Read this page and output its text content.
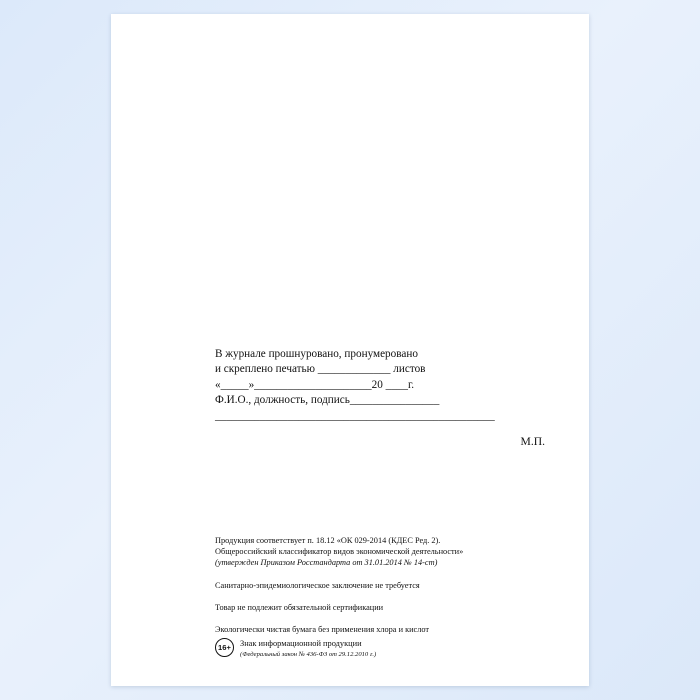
В журнале прошнуровано, пронумеровано
и скреплено печатью _____________ листов
«_____»_____________________20 ____г.
Ф.И.О., должность, подпись________________
__________________________________________________
М.П.

Продукция соответствует п. 18.12 «ОК 029-2014 (КДЕС Ред. 2).

Общероссийский классификатор видов экономической деятельности»

(утвержден Приказом Росстандарта от 31.01.2014 № 14-ст)

Санитарно-эпидемиологическое заключение не требуется

Товар не подлежит обязательной сертификации

Экологически чистая бумага без применения хлора и кислот

16+	Знак информационной продукции
(Федеральный закон № 436-ФЗ от 29.12.2010 г.)
